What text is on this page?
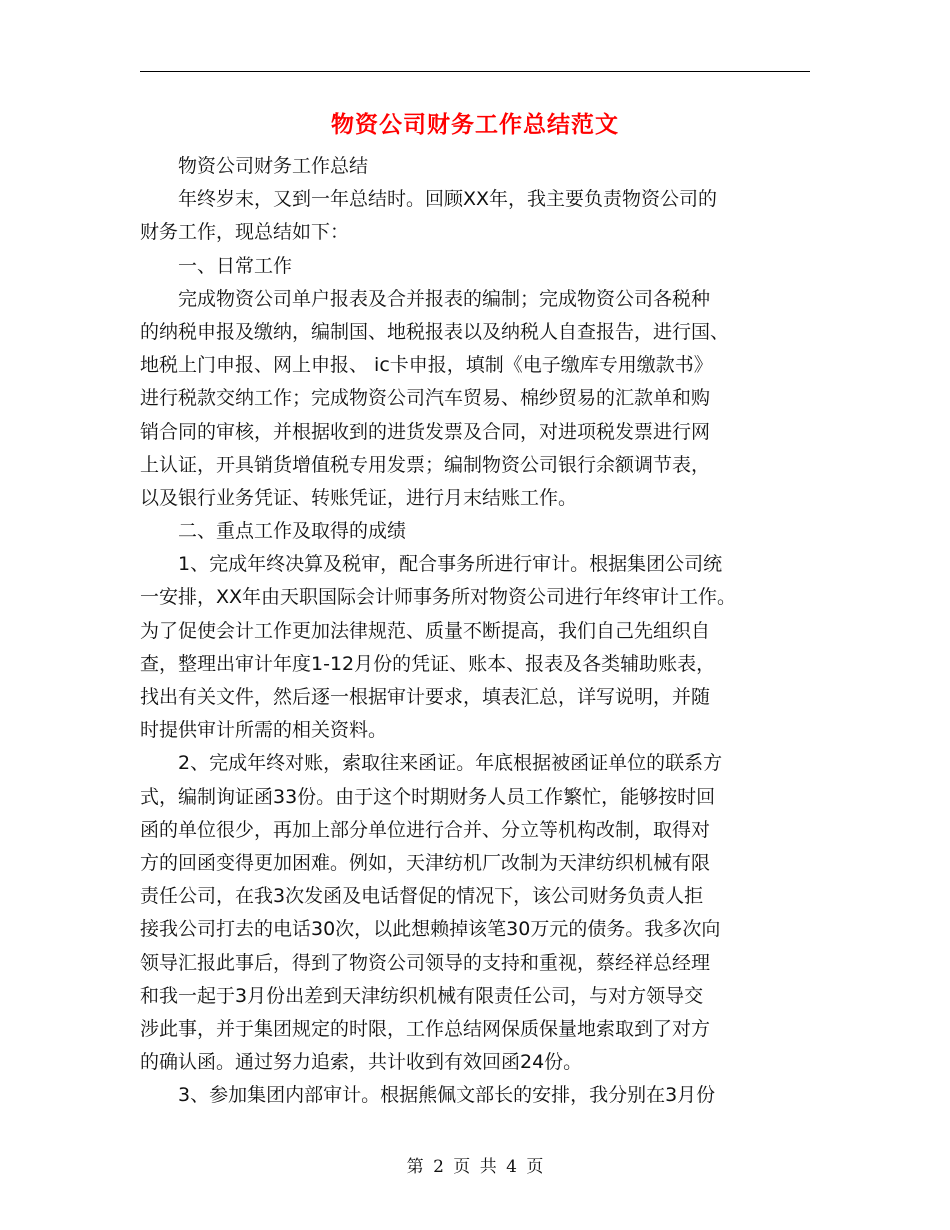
物资公司财务工作总结范文
　　物资公司财务工作总结
　　年终岁末，又到一年总结时。回顾XX年，我主要负责物资公司的
财务工作，现总结如下：
　　一、日常工作
　　完成物资公司单户报表及合并报表的编制；完成物资公司各税种
的纳税申报及缴纳，编制国、地税报表以及纳税人自查报告，进行国、
地税上门申报、网上申报、 ic卡申报，填制《电子缴库专用缴款书》
进行税款交纳工作；完成物资公司汽车贸易、棉纱贸易的汇款单和购
销合同的审核，并根据收到的进货发票及合同，对进项税发票进行网
上认证，开具销货增值税专用发票；编制物资公司银行余额调节表，
以及银行业务凭证、转账凭证，进行月末结账工作。
　　二、重点工作及取得的成绩
　　1、完成年终决算及税审，配合事务所进行审计。根据集团公司统
一安排，XX年由天职国际会计师事务所对物资公司进行年终审计工作。
为了促使会计工作更加法律规范、质量不断提高，我们自己先组织自
查，整理出审计年度1-12月份的凭证、账本、报表及各类辅助账表，
找出有关文件，然后逐一根据审计要求，填表汇总，详写说明，并随
时提供审计所需的相关资料。
　　2、完成年终对账，索取往来函证。年底根据被函证单位的联系方
式，编制询证函33份。由于这个时期财务人员工作繁忙，能够按时回
函的单位很少，再加上部分单位进行合并、分立等机构改制，取得对
方的回函变得更加困难。例如，天津纺机厂改制为天津纺织机械有限
责任公司，在我3次发函及电话督促的情况下，该公司财务负责人拒
接我公司打去的电话30次，以此想赖掉该笔30万元的债务。我多次向
领导汇报此事后，得到了物资公司领导的支持和重视，蔡经祥总经理
和我一起于3月份出差到天津纺织机械有限责任公司，与对方领导交
涉此事，并于集团规定的时限，工作总结网保质保量地索取到了对方
的确认函。通过努力追索，共计收到有效回函24份。
　　3、参加集团内部审计。根据熊佩文部长的安排，我分别在3月份
第 2 页 共 4 页
